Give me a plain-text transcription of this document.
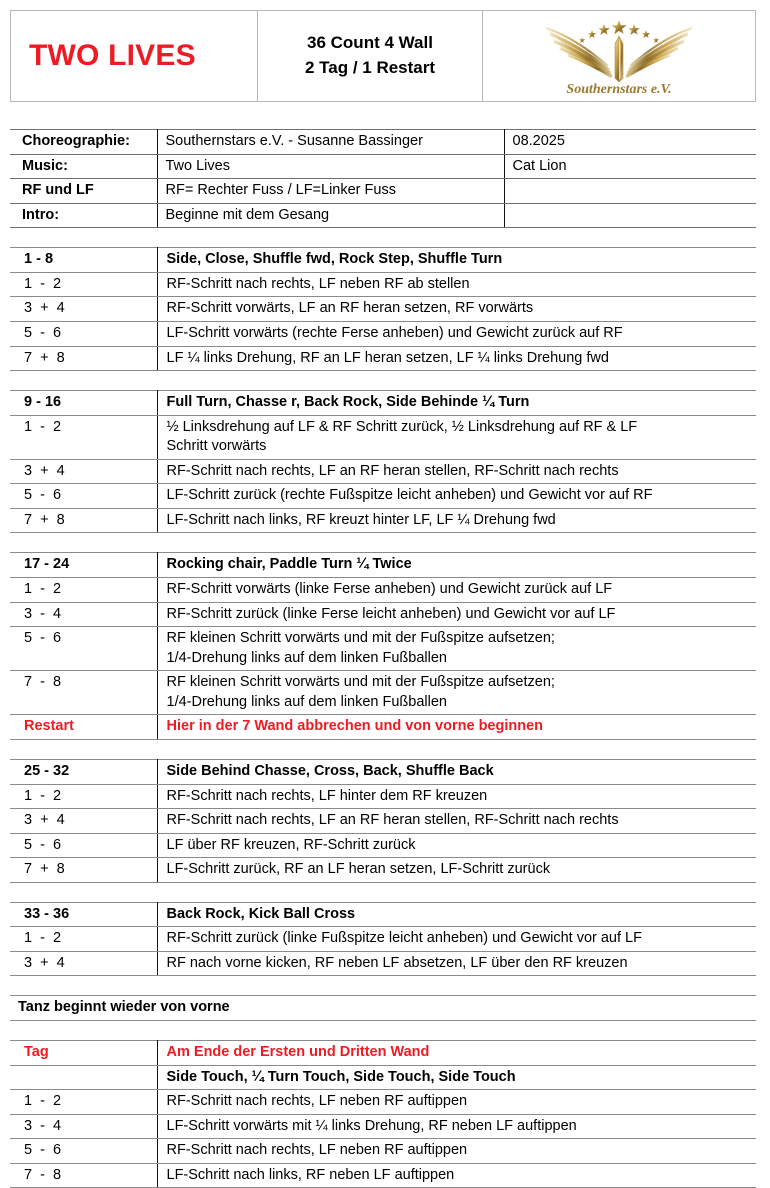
TWO LIVES	36 Count 4 Wall
2 Tag / 1 Restart
Southernstars e.V.
Choreographie:	Southernstars e.V. - Susanne Bassinger	08.2025
Music:	Two Lives	Cat Lion
RF und LF	RF= Rechter Fuss / LF=Linker Fuss	
Intro:	Beginne mit dem Gesang	
1 - 8	Side, Close, Shuffle fwd, Rock Step, Shuffle Turn
1  -  2	RF-Schritt nach rechts, LF neben RF ab stellen
3  +  4	RF-Schritt vorwärts, LF an RF heran setzen, RF vorwärts
5  -  6	LF-Schritt vorwärts (rechte Ferse anheben) und Gewicht zurück auf RF
7  +  8	LF ¼ links Drehung, RF an LF heran setzen, LF ¼ links Drehung fwd
9 - 16	Full Turn, Chasse r, Back Rock, Side Behinde ¼ Turn
1  -  2	½ Linksdrehung auf LF & RF Schritt zurück, ½ Linksdrehung auf RF & LF
Schritt vorwärts

3  +  4	RF-Schritt nach rechts, LF an RF heran stellen, RF-Schritt nach rechts
5  -  6	LF-Schritt zurück (rechte Fußspitze leicht anheben) und Gewicht vor auf RF
7  +  8	LF-Schritt nach links, RF kreuzt hinter LF, LF ¼ Drehung fwd
17 - 24	Rocking chair, Paddle Turn ¼ Twice
1  -  2	RF-Schritt vorwärts (linke Ferse anheben) und Gewicht zurück auf LF
3  -  4	RF-Schritt zurück (linke Ferse leicht anheben) und Gewicht vor auf LF
5  -  6	RF kleinen Schritt vorwärts und mit der Fußspitze aufsetzen;
1/4-Drehung links auf dem linken Fußballen

7  -  8	RF kleinen Schritt vorwärts und mit der Fußspitze aufsetzen;
1/4-Drehung links auf dem linken Fußballen

Restart	Hier in der 7 Wand abbrechen und von vorne beginnen
25 - 32	Side Behind Chasse, Cross, Back, Shuffle Back
1  -  2	RF-Schritt nach rechts, LF hinter dem RF kreuzen
3  +  4	RF-Schritt nach rechts, LF an RF heran stellen, RF-Schritt nach rechts
5  -  6	LF über RF kreuzen, RF-Schritt zurück
7  +  8	LF-Schritt zurück, RF an LF heran setzen, LF-Schritt zurück
33 - 36	Back Rock, Kick Ball Cross
1  -  2	RF-Schritt zurück (linke Fußspitze leicht anheben) und Gewicht vor auf LF
3  +  4	RF nach vorne kicken, RF neben LF absetzen, LF über den RF kreuzen
Tanz beginnt wieder von vorne
Tag	Am Ende der Ersten und Dritten Wand
	Side Touch, ¼ Turn Touch, Side Touch, Side Touch
1  -  2	RF-Schritt nach rechts, LF neben RF auftippen
3  -  4	LF-Schritt vorwärts mit ¼ links Drehung, RF neben LF auftippen
5  -  6	RF-Schritt nach rechts, LF neben RF auftippen
7  -  8	LF-Schritt nach links, RF neben LF auftippen
